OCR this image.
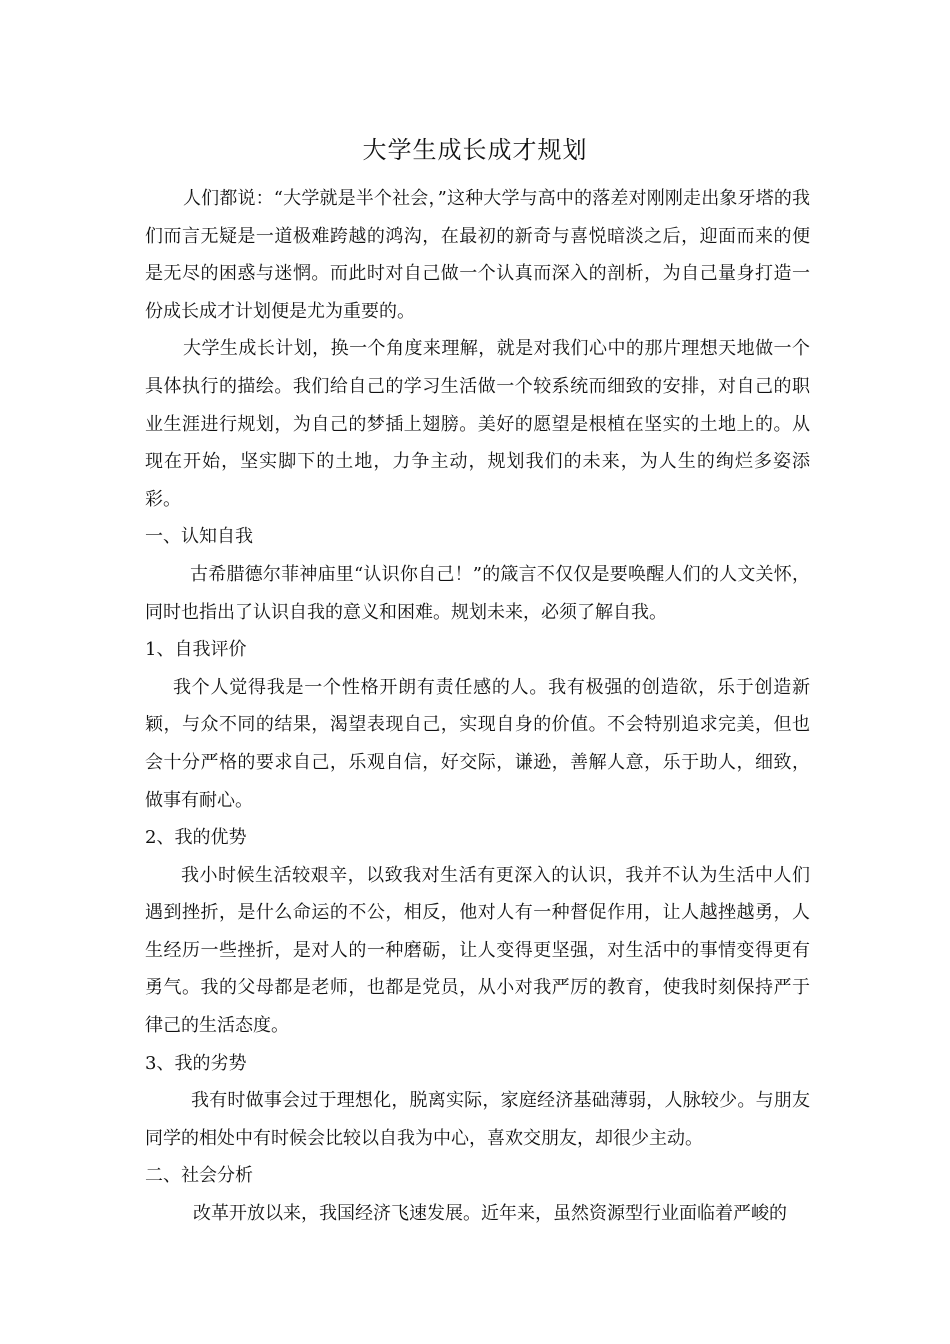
大学生成长成才规划

人们都说：“大学就是半个社会，”这种大学与高中的落差对刚刚走出象牙塔的我们而言无疑是一道极难跨越的鸿沟，在最初的新奇与喜悦暗淡之后，迎面而来的便是无尽的困惑与迷惘。而此时对自己做一个认真而深入的剖析，为自己量身打造一份成长成才计划便是尤为重要的。

大学生成长计划，换一个角度来理解，就是对我们心中的那片理想天地做一个具体执行的描绘。我们给自己的学习生活做一个较系统而细致的安排，对自己的职业生涯进行规划，为自己的梦插上翅膀。美好的愿望是根植在坚实的土地上的。从现在开始，坚实脚下的土地，力争主动，规划我们的未来，为人生的绚烂多姿添彩。

一、认知自我

古希腊德尔菲神庙里“认识你自己！”的箴言不仅仅是要唤醒人们的人文关怀，同时也指出了认识自我的意义和困难。规划未来，必须了解自我。

1、自我评价

我个人觉得我是一个性格开朗有责任感的人。我有极强的创造欲，乐于创造新颖，与众不同的结果，渴望表现自己，实现自身的价值。不会特别追求完美，但也会十分严格的要求自己，乐观自信，好交际，谦逊，善解人意，乐于助人，细致，做事有耐心。

2、我的优势

我小时候生活较艰辛，以致我对生活有更深入的认识，我并不认为生活中人们遇到挫折，是什么命运的不公，相反，他对人有一种督促作用，让人越挫越勇，人生经历一些挫折，是对人的一种磨砺，让人变得更坚强，对生活中的事情变得更有勇气。我的父母都是老师，也都是党员，从小对我严厉的教育，使我时刻保持严于律己的生活态度。

3、我的劣势

我有时做事会过于理想化，脱离实际，家庭经济基础薄弱，人脉较少。与朋友同学的相处中有时候会比较以自我为中心，喜欢交朋友，却很少主动。

二、社会分析

改革开放以来，我国经济飞速发展。近年来，虽然资源型行业面临着严峻的
